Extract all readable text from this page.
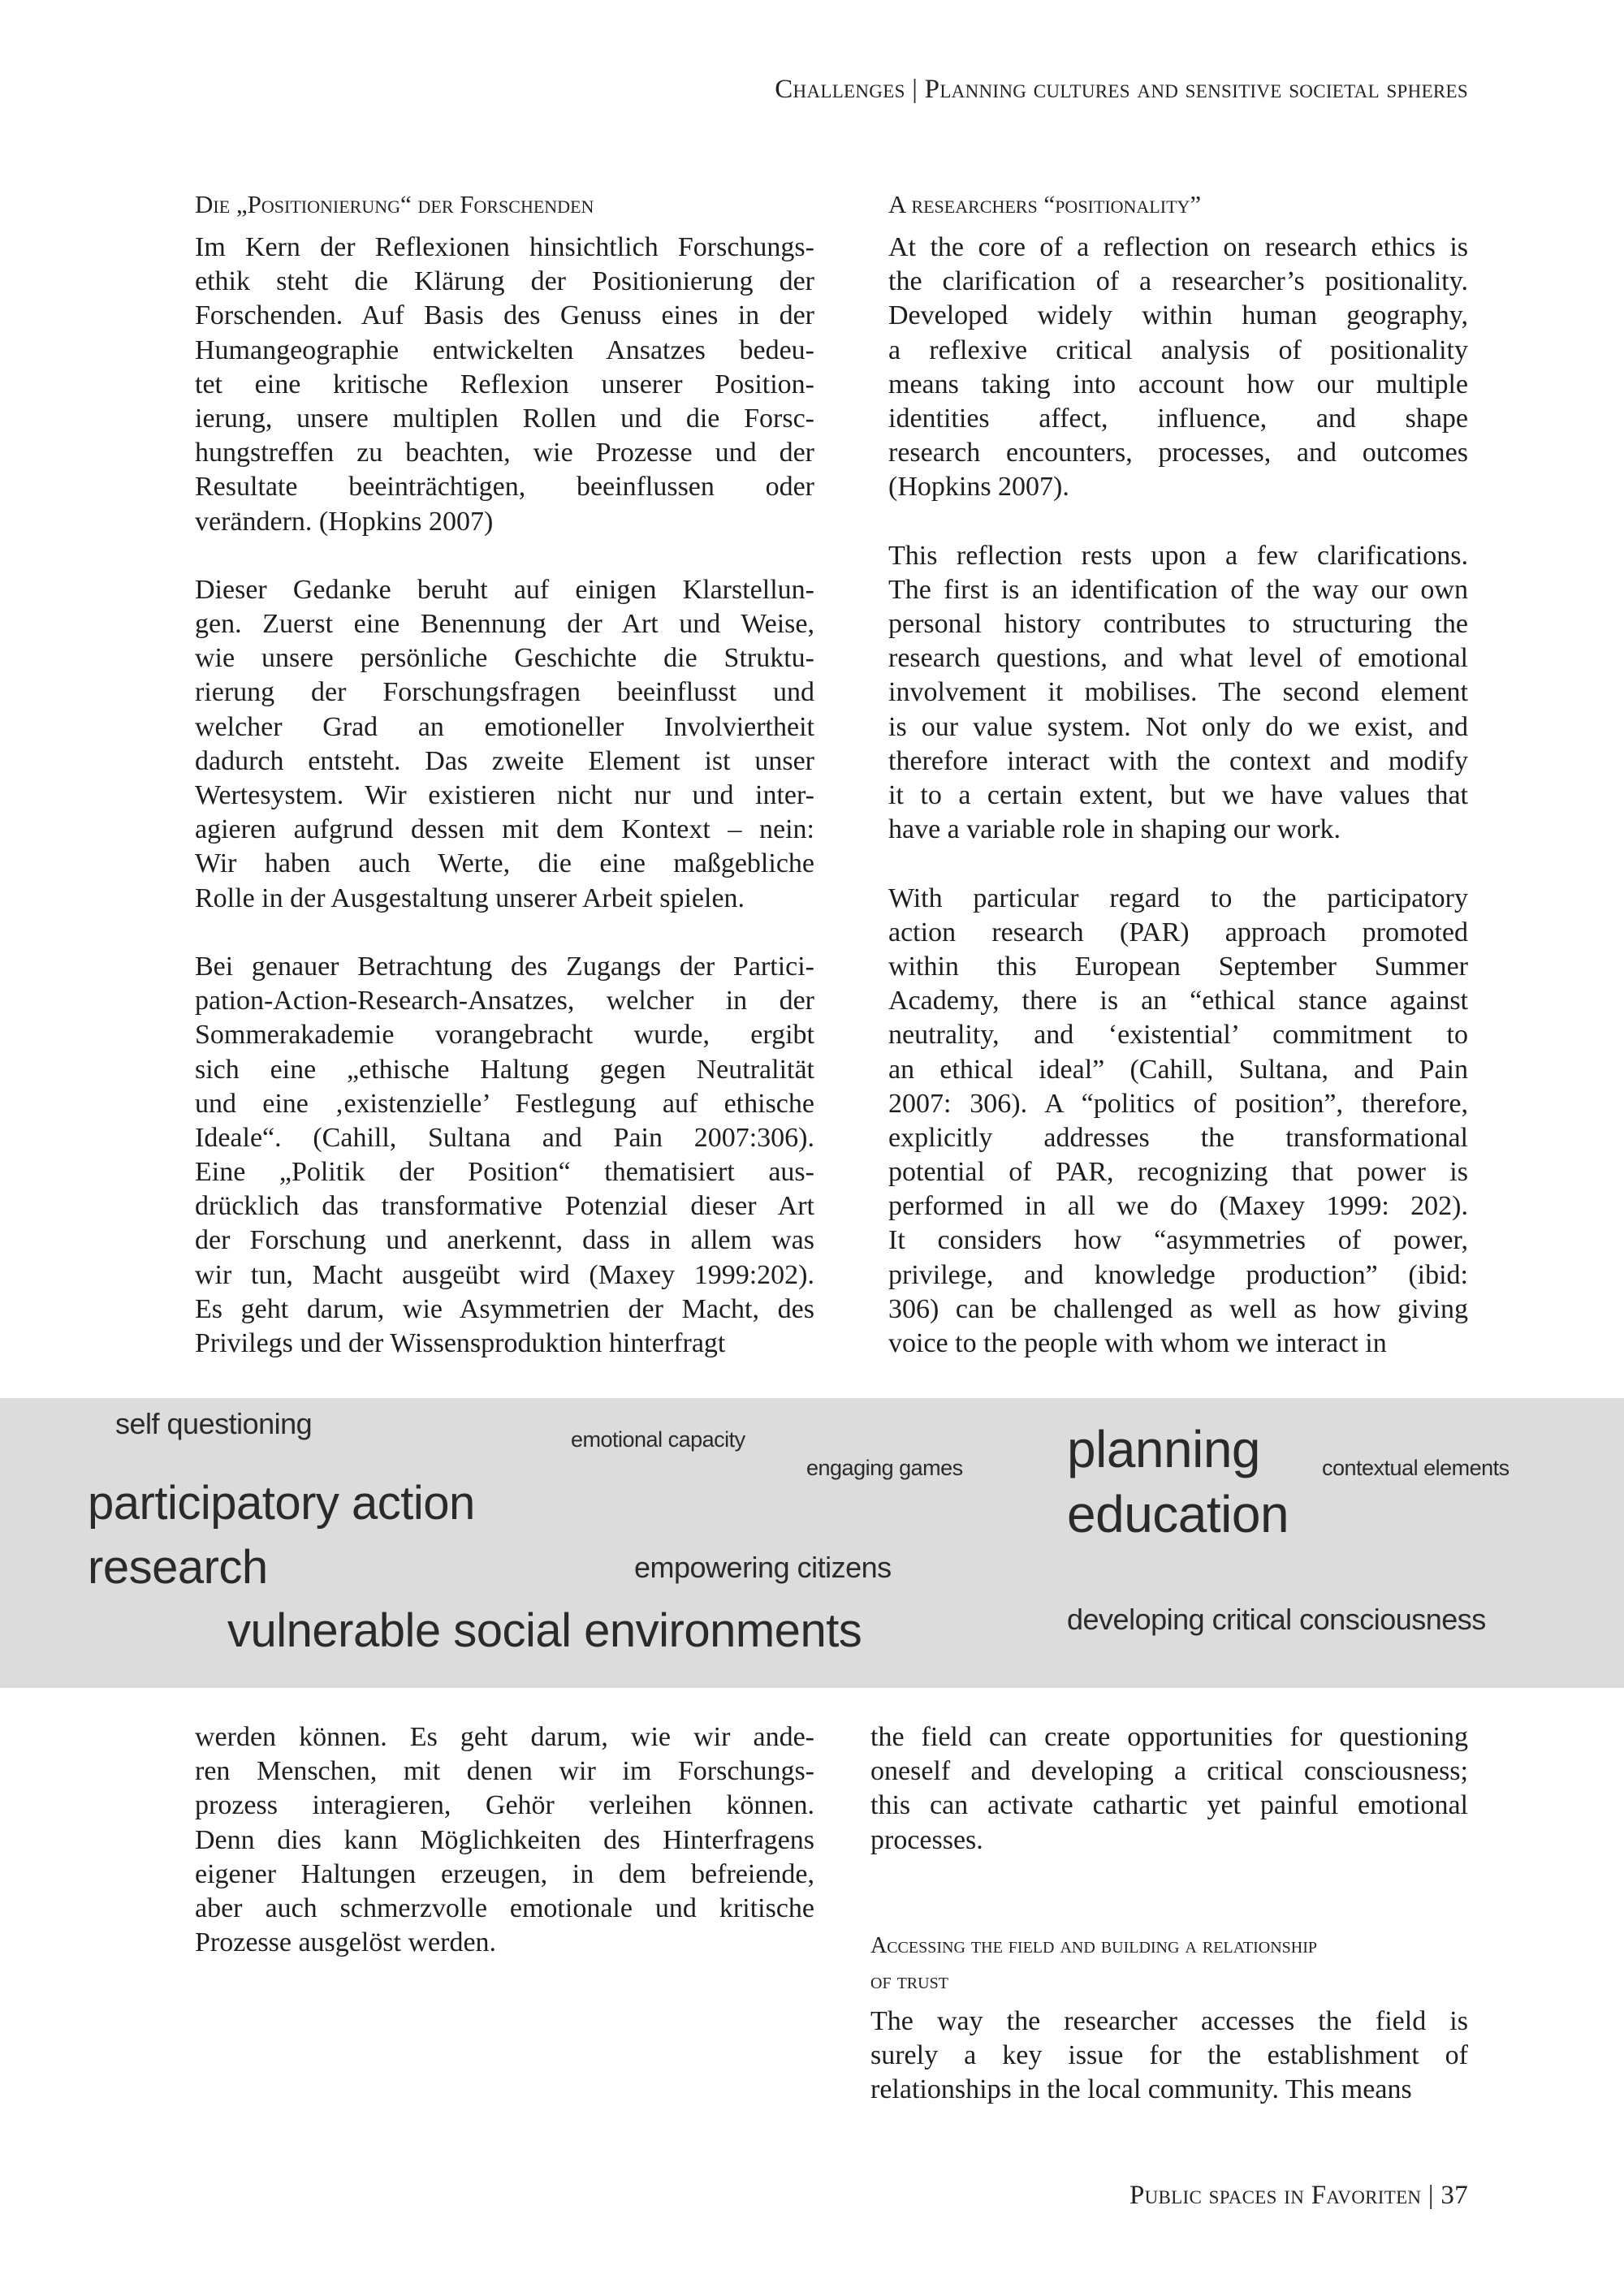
Challenges | Planning cultures and sensitive societal spheres
Die „Positionierung“ der Forschenden
Im Kern der Reflexionen hinsichtlich Forschungs-
ethik steht die Klärung der Positionierung der
Forschenden. Auf Basis des Genuss eines in der
Humangeographie entwickelten Ansatzes bedeu-
tet eine kritische Reflexion unserer Position-
ierung, unsere multiplen Rollen und die Forsc-
hungstreffen zu beachten, wie Prozesse und der
Resultate beeinträchtigen, beeinflussen oder
verändern. (Hopkins 2007)
Dieser Gedanke beruht auf einigen Klarstellun-
gen. Zuerst eine Benennung der Art und Weise,
wie unsere persönliche Geschichte die Struktu-
rierung der Forschungsfragen beeinflusst und
welcher Grad an emotioneller Involviertheit
dadurch entsteht. Das zweite Element ist unser
Wertesystem. Wir existieren nicht nur und inter-
agieren aufgrund dessen mit dem Kontext – nein:
Wir haben auch Werte, die eine maßgebliche
Rolle in der Ausgestaltung unserer Arbeit spielen.
Bei genauer Betrachtung des Zugangs der Partici-
pation-Action-Research-Ansatzes, welcher in der
Sommerakademie vorangebracht wurde, ergibt
sich eine „ethische Haltung gegen Neutralität
und eine ‚existenzielle’ Festlegung auf ethische
Ideale“. (Cahill, Sultana and Pain 2007:306).
Eine „Politik der Position“ thematisiert aus-
drücklich das transformative Potenzial dieser Art
der Forschung und anerkennt, dass in allem was
wir tun, Macht ausgeübt wird (Maxey 1999:202).
Es geht darum, wie Asymmetrien der Macht, des
Privilegs und der Wissensproduktion hinterfragt
A researchers “positionality”
At the core of a reflection on research ethics is
the clarification of a researcher’s positionality.
Developed widely within human geography,
a reflexive critical analysis of positionality
means taking into account how our multiple
identities affect, influence, and shape
research encounters, processes, and outcomes
(Hopkins 2007).
This reflection rests upon a few clarifications.
The first is an identification of the way our own
personal history contributes to structuring the
research questions, and what level of emotional
involvement it mobilises. The second element
is our value system. Not only do we exist, and
therefore interact with the context and modify
it to a certain extent, but we have values that
have a variable role in shaping our work.
With particular regard to the participatory
action research (PAR) approach promoted
within this European September Summer
Academy, there is an “ethical stance against
neutrality, and ‘existential’ commitment to
an ethical ideal” (Cahill, Sultana, and Pain
2007: 306). A “politics of position”, therefore,
explicitly addresses the transformational
potential of PAR, recognizing that power is
performed in all we do (Maxey 1999: 202).
It considers how “asymmetries of power,
privilege, and knowledge production” (ibid:
306) can be challenged as well as how giving
voice to the people with whom we interact in
self questioning	emotional capacity
engaging games planning	contextual elements
participatory action
research
education
empowering citizens
vulnerable social environments	developing critical consciousness
werden können. Es geht darum, wie wir ande-
ren Menschen, mit denen wir im Forschungs-
prozess interagieren, Gehör verleihen können.
Denn dies kann Möglichkeiten des Hinterfragens
eigener Haltungen erzeugen, in dem befreiende,
aber auch schmerzvolle emotionale und kritische
Prozesse ausgelöst werden.
the field can create opportunities for questioning
oneself and developing a critical consciousness;
this can activate cathartic yet painful emotional
processes.
Accessing the field and building a relationship
of trust
The way the researcher accesses the field is
surely a key issue for the establishment of
relationships in the local community. This means
Public spaces in Favoriten | 37
